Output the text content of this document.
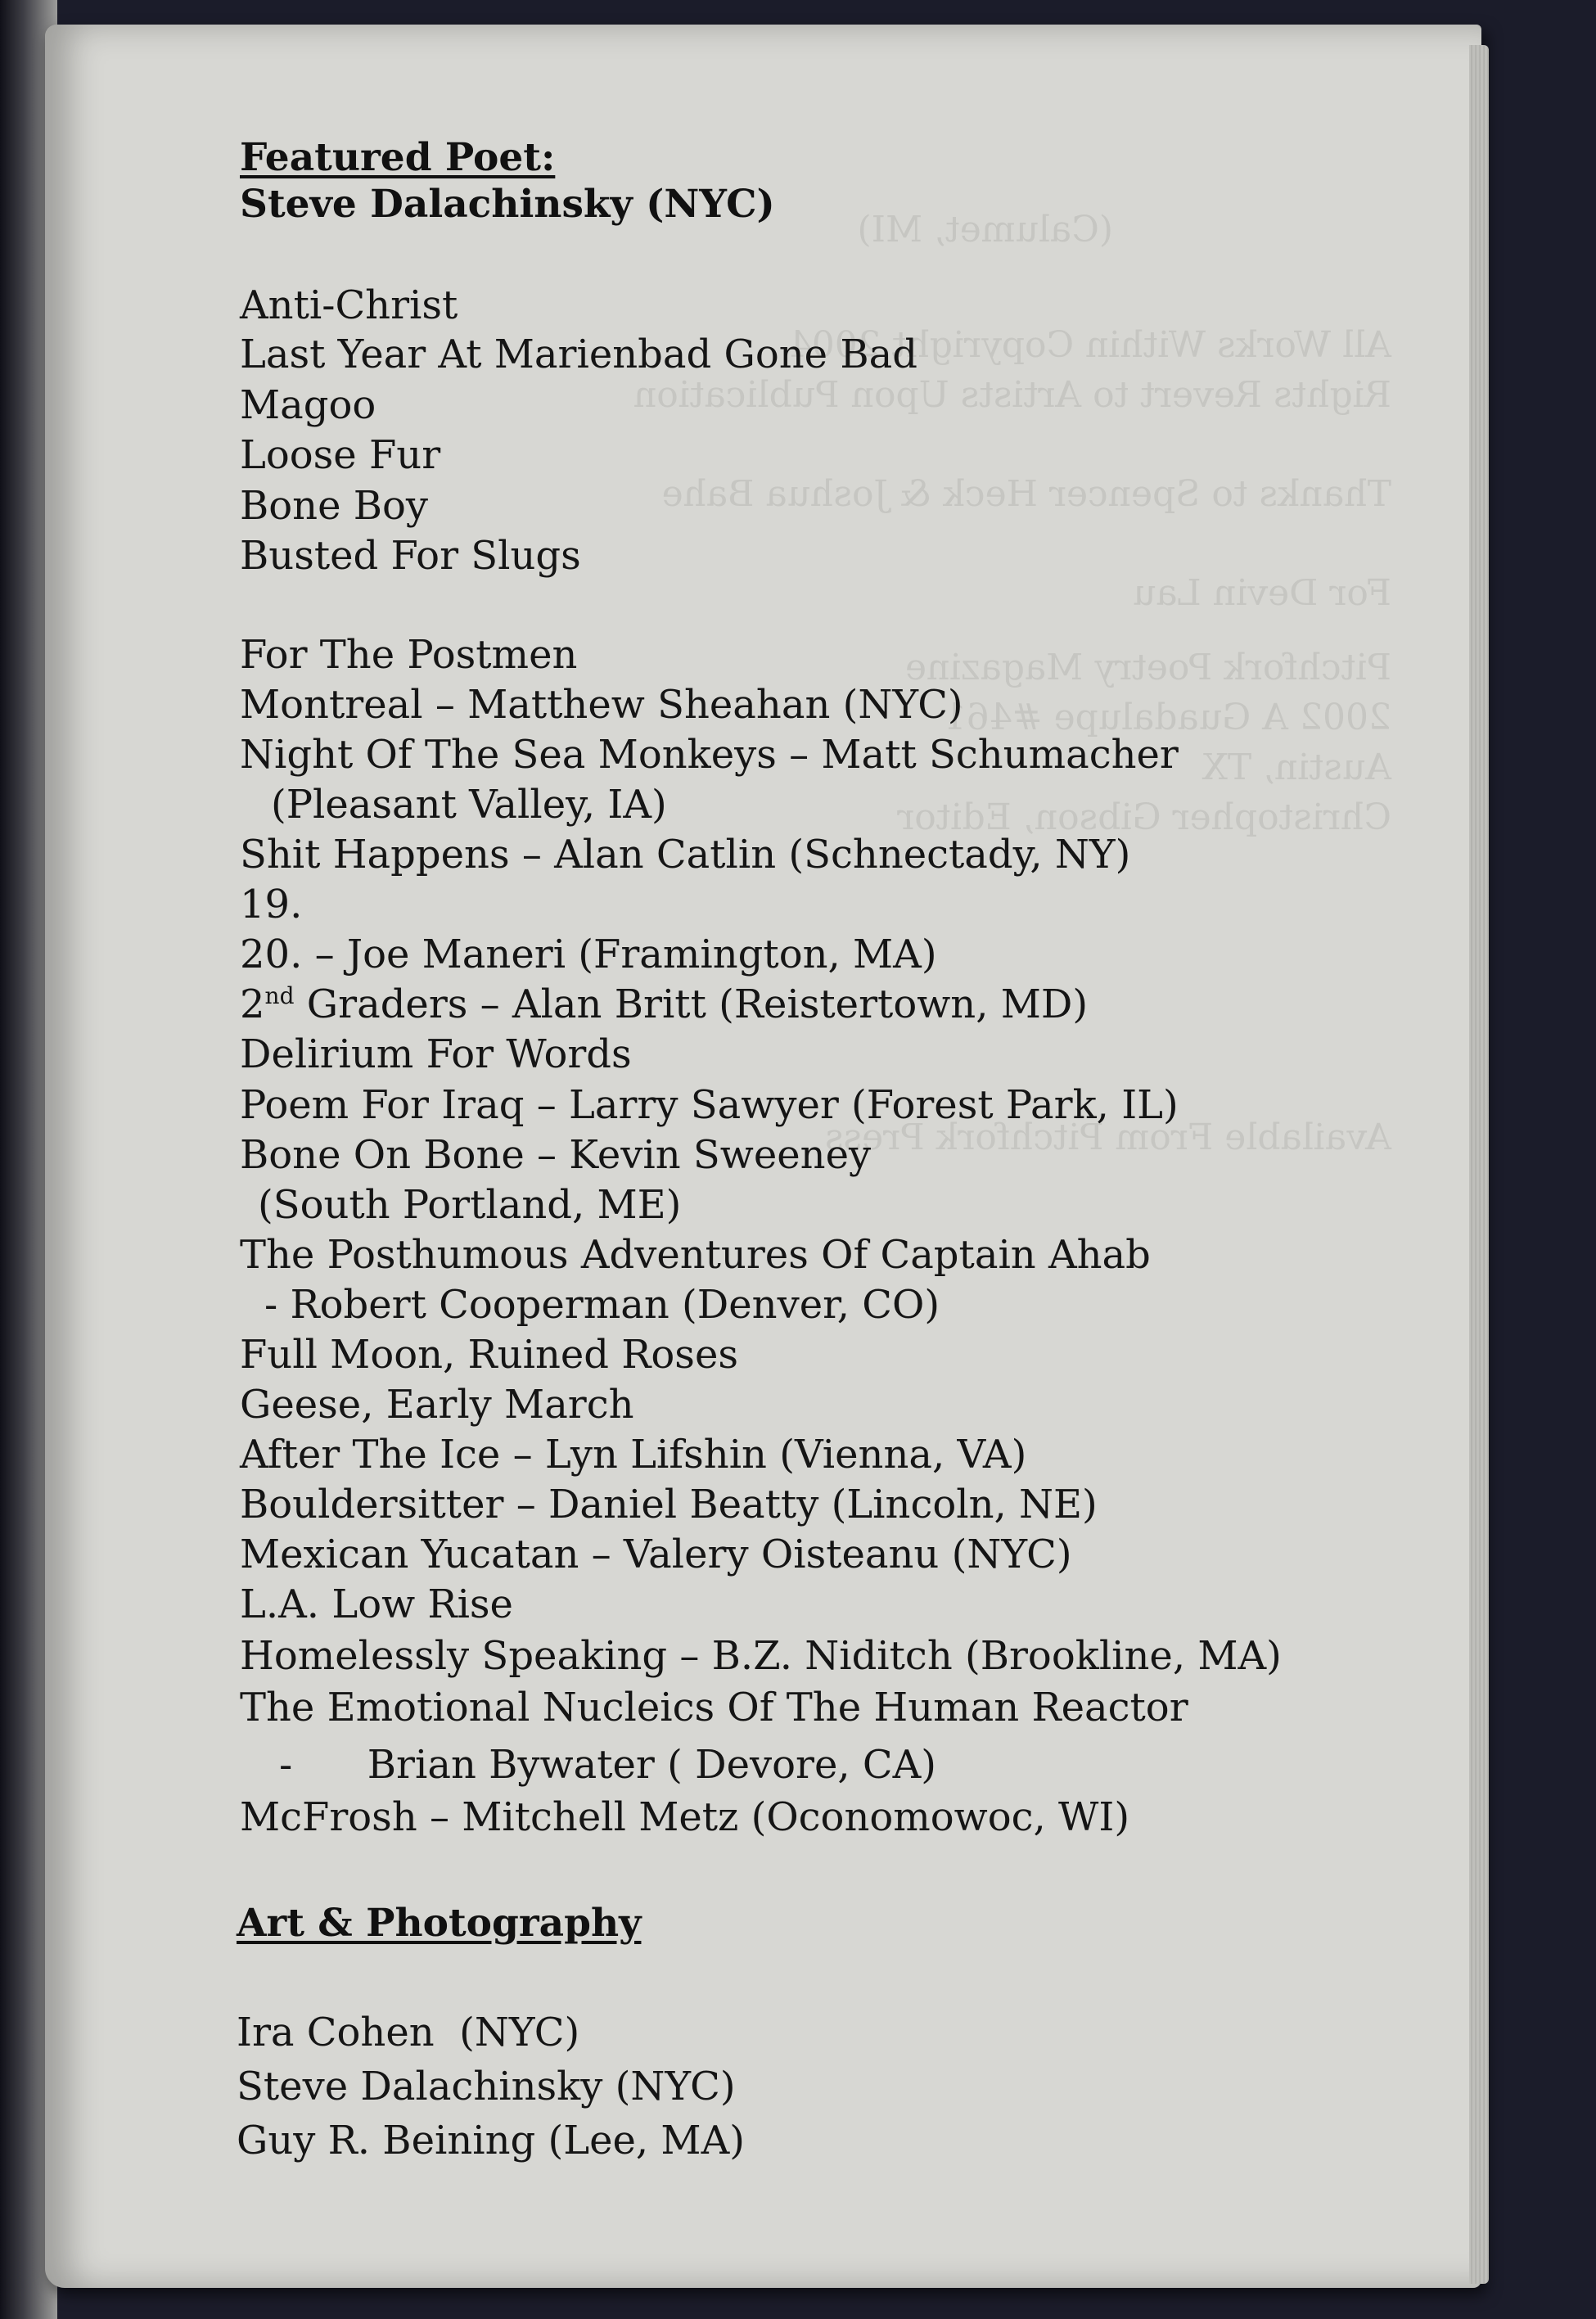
(Calumet, MI)
All Works Within Copyright 2004
Rights Revert to Artists Upon Publication
Thanks to Spencer Heck & Joshua Bahe
For Devin Lau
Pitchfork Poetry Magazine
2002 A Guadalupe #461
Austin, TX
Christopher Gibson, Editor
Available From Pitchfork Press
Featured Poet:
Steve Dalachinsky (NYC)
Anti-Christ
Last Year At Marienbad Gone Bad
Magoo
Loose Fur
Bone Boy
Busted For Slugs
For The Postmen
Montreal – Matthew Sheahan (NYC)
Night Of The Sea Monkeys – Matt Schumacher
(Pleasant Valley, IA)
Shit Happens – Alan Catlin (Schnectady, NY)
19.
20. – Joe Maneri (Framington, MA)
2nd Graders – Alan Britt (Reistertown, MD)
Delirium For Words
Poem For Iraq – Larry Sawyer (Forest Park, IL)
Bone On Bone – Kevin Sweeney
(South Portland, ME)
The Posthumous Adventures Of Captain Ahab
- Robert Cooperman (Denver, CO)
Full Moon, Ruined Roses
Geese, Early March
After The Ice – Lyn Lifshin (Vienna, VA)
Bouldersitter – Daniel Beatty (Lincoln, NE)
Mexican Yucatan – Valery Oisteanu (NYC)
L.A. Low Rise
Homelessly Speaking – B.Z. Niditch (Brookline, MA)
The Emotional Nucleics Of The Human Reactor
-      Brian Bywater ( Devore, CA)
McFrosh – Mitchell Metz (Oconomowoc, WI)
Art & Photography
Ira Cohen  (NYC)
Steve Dalachinsky (NYC)
Guy R. Beining (Lee, MA)
